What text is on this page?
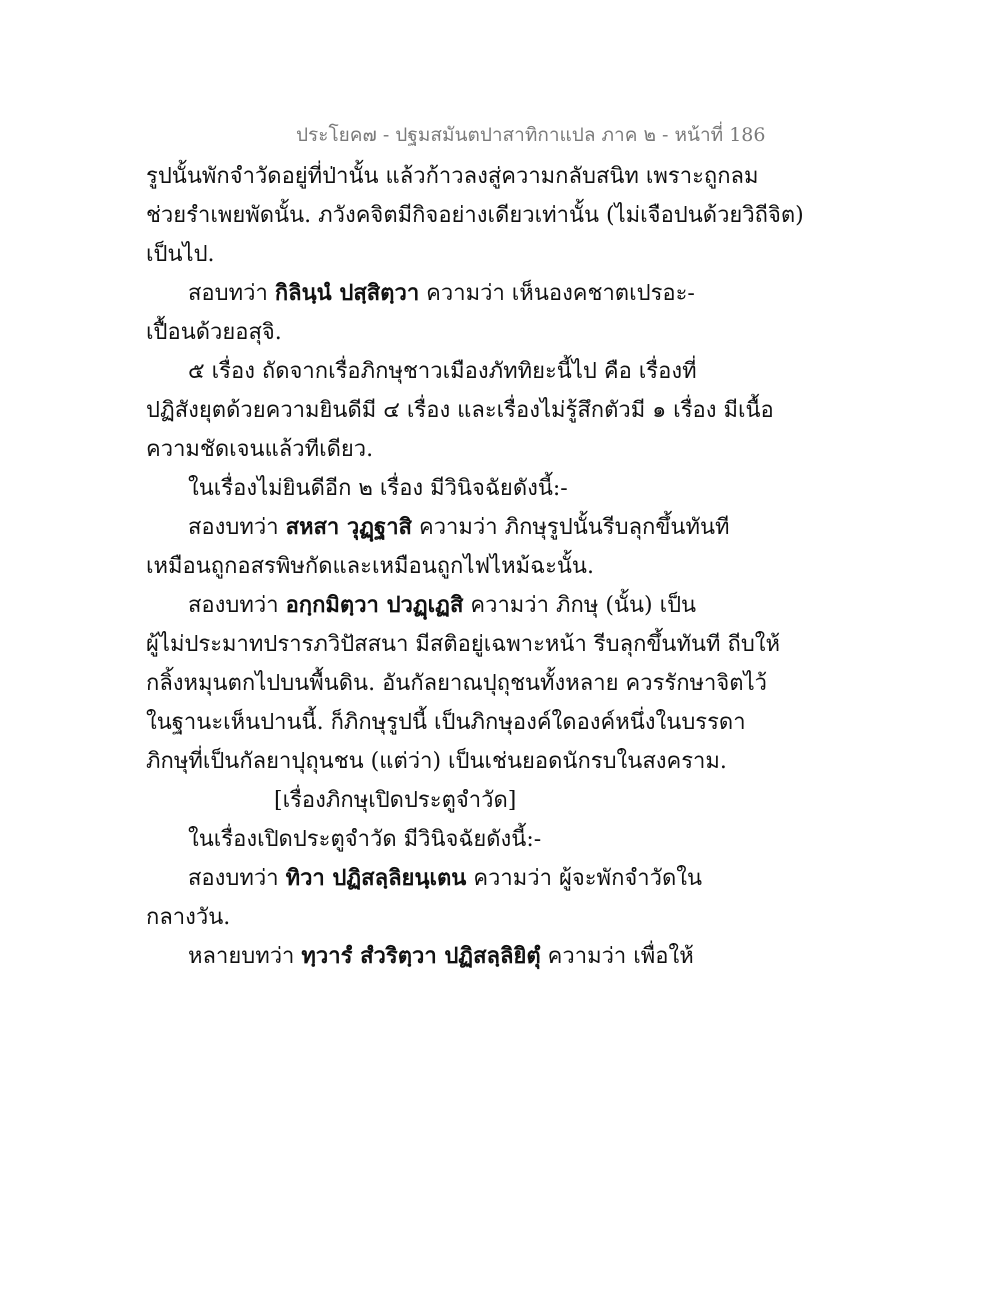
ประโยค๗ - ปฐมสมันตปาสาทิกาแปล ภาค ๒ - หน้าที่ 186
รูปนั้นพักจำวัดอยู่ที่ป่านั้น แล้วก้าวลงสู่ความกลับสนิท เพราะถูกลม
ช่วยรำเพยพัดนั้น. ภวังคจิตมีกิจอย่างเดียวเท่านั้น (ไม่เจือปนด้วยวิถีจิต)
เป็นไป.
สอบทว่า กิลินฺนํ ปสฺสิตฺวา ความว่า เห็นองคชาตเปรอะ-
เปื้อนด้วยอสุจิ.
๕ เรื่อง ถัดจากเรื่อภิกษุชาวเมืองภัททิยะนี้ไป คือ เรื่องที่
ปฏิสังยุตด้วยความยินดีมี ๔ เรื่อง และเรื่องไม่รู้สึกตัวมี ๑ เรื่อง มีเนื้อ
ความชัดเจนแล้วทีเดียว.
ในเรื่องไม่ยินดีอีก ๒ เรื่อง มีวินิจฉัยดังนี้:-
สองบทว่า สหสา วุฏฺฐาสิ ความว่า ภิกษุรูปนั้นรีบลุกขึ้นทันที
เหมือนถูกอสรพิษกัดและเหมือนถูกไฟไหม้ฉะนั้น.
สองบทว่า อกฺกมิตฺวา ปวฏฺเฏสิ ความว่า ภิกษุ (นั้น) เป็น
ผู้ไม่ประมาทปรารภวิปัสสนา มีสติอยู่เฉพาะหน้า รีบลุกขึ้นทันที ถีบให้
กลิ้งหมุนตกไปบนพื้นดิน. อันกัลยาณปุถุชนทั้งหลาย ควรรักษาจิตไว้
ในฐานะเห็นปานนี้. ก็ภิกษุรูปนี้ เป็นภิกษุองค์ใดองค์หนึ่งในบรรดา
ภิกษุที่เป็นกัลยาปุถุนชน (แต่ว่า) เป็นเช่นยอดนักรบในสงคราม.
[เรื่องภิกษุเปิดประตูจำวัด]
ในเรื่องเปิดประตูจำวัด มีวินิจฉัยดังนี้:-
สองบทว่า ทิวา ปฏิสลฺลิยนฺเตน ความว่า ผู้จะพักจำวัดใน
กลางวัน.
หลายบทว่า ทฺวารํ สํวริตฺวา ปฏิสลฺลิยิตุํ ความว่า เพื่อให้
